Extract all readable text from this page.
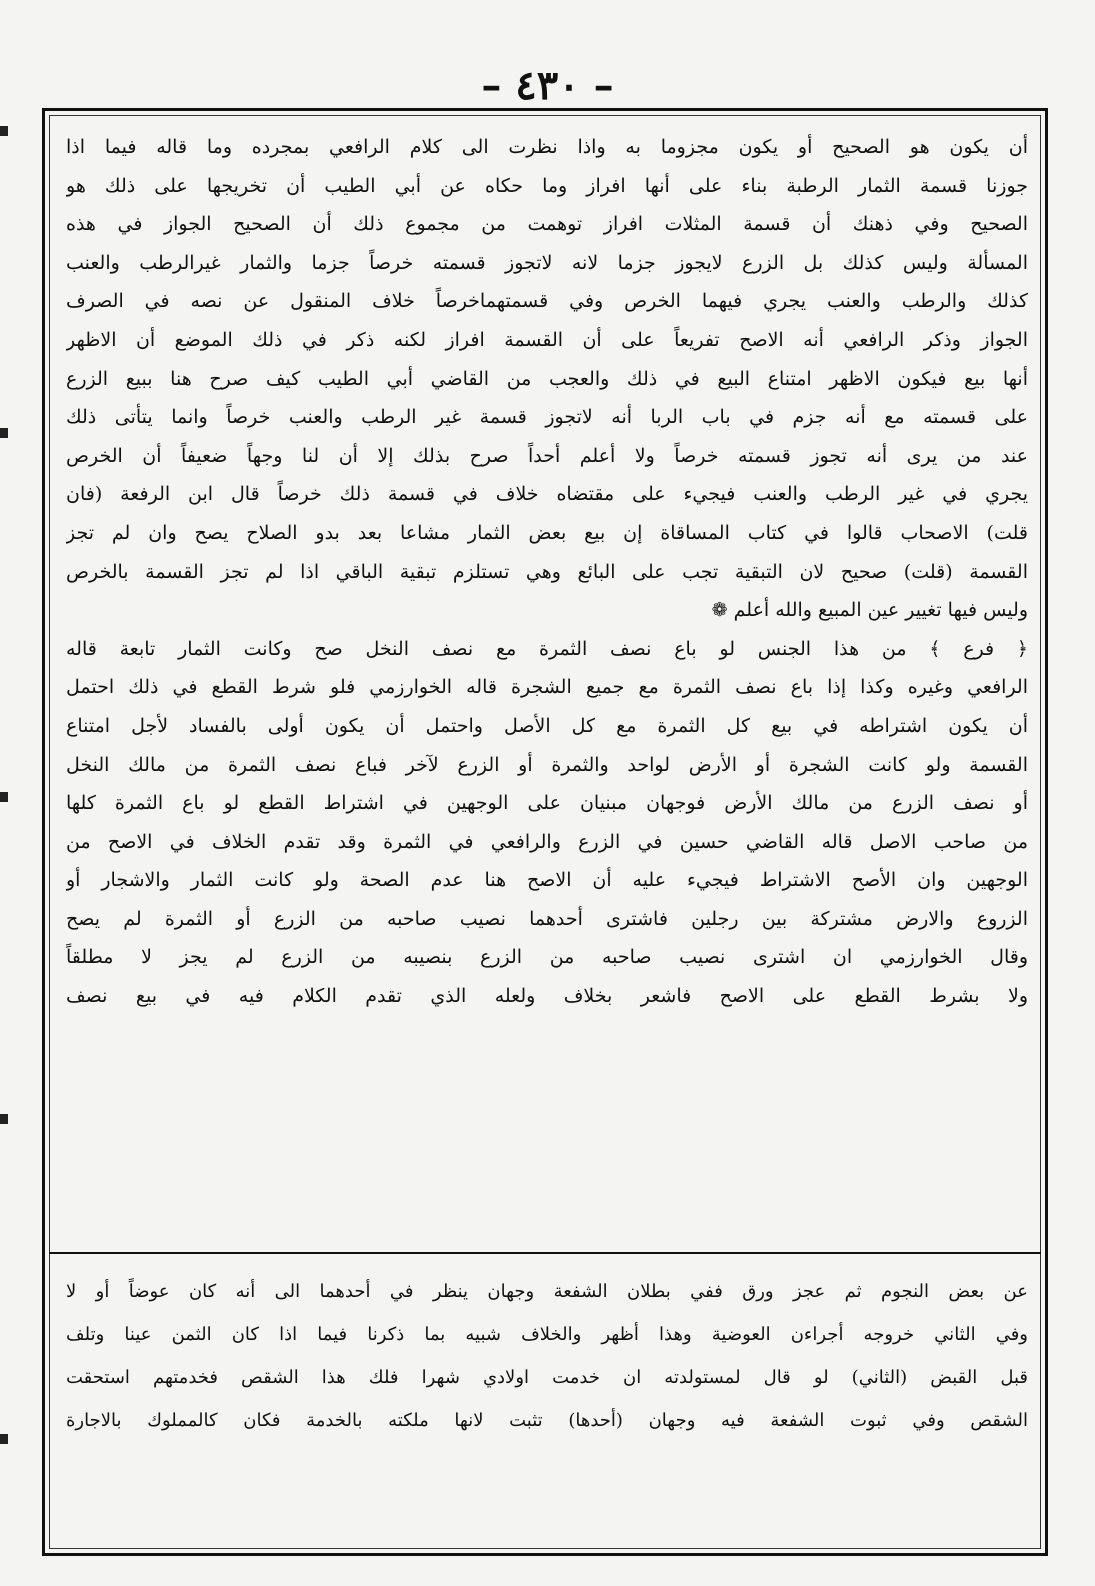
– ٤٣٠ –
أن يكون هو الصحيح أو يكون مجزوما به واذا نظرت الى كلام الرافعي بمجرده وما قاله فيما اذا
جوزنا قسمة الثمار الرطبة بناء على أنها افراز وما حكاه عن أبي الطيب أن تخريجها على ذلك هو
الصحيح وفي ذهنك أن قسمة المثلات افراز توهمت من مجموع ذلك أن الصحيح الجواز في هذه
المسألة وليس كذلك بل الزرع لايجوز جزما لانه لاتجوز قسمته خرصاً جزما والثمار غيرالرطب والعنب
كذلك والرطب والعنب يجري فيهما الخرص وفي قسمتهماخرصاً خلاف المنقول عن نصه في الصرف
الجواز وذكر الرافعي أنه الاصح تفريعاً على أن القسمة افراز لكنه ذكر في ذلك الموضع أن الاظهر
أنها بيع فيكون الاظهر امتناع البيع في ذلك والعجب من القاضي أبي الطيب كيف صرح هنا ببيع الزرع
على قسمته مع أنه جزم في باب الربا أنه لاتجوز قسمة غير الرطب والعنب خرصاً وانما يتأتى ذلك
عند من يرى أنه تجوز قسمته خرصاً ولا أعلم أحداً صرح بذلك إلا أن لنا وجهاً ضعيفاً أن الخرص
يجري في غير الرطب والعنب فيجيء على مقتضاه خلاف في قسمة ذلك خرصاً قال ابن الرفعة (فان
قلت) الاصحاب قالوا في كتاب المساقاة إن بيع بعض الثمار مشاعا بعد بدو الصلاح يصح وان لم تجز
القسمة (قلت) صحيح لان التبقية تجب على البائع وهي تستلزم تبقية الباقي اذا لم تجز القسمة بالخرص
وليس فيها تغيير عين المبيع والله أعلم ❁
﴿ فرع ﴾ من هذا الجنس لو باع نصف الثمرة مع نصف النخل صح وكانت الثمار تابعة قاله
الرافعي وغيره وكذا إذا باع نصف الثمرة مع جميع الشجرة قاله الخوارزمي فلو شرط القطع في ذلك احتمل
أن يكون اشتراطه في بيع كل الثمرة مع كل الأصل واحتمل أن يكون أولى بالفساد لأجل امتناع
القسمة ولو كانت الشجرة أو الأرض لواحد والثمرة أو الزرع لآخر فباع نصف الثمرة من مالك النخل
أو نصف الزرع من مالك الأرض فوجهان مبنيان على الوجهين في اشتراط القطع لو باع الثمرة كلها
من صاحب الاصل قاله القاضي حسين في الزرع والرافعي في الثمرة وقد تقدم الخلاف في الاصح من
الوجهين وان الأصح الاشتراط فيجيء عليه أن الاصح هنا عدم الصحة ولو كانت الثمار والاشجار أو
الزروع والارض مشتركة بين رجلين فاشترى أحدهما نصيب صاحبه من الزرع أو الثمرة لم يصح
وقال الخوارزمي ان اشترى نصيب صاحبه من الزرع بنصيبه من الزرع لم يجز لا مطلقاً
ولا بشرط القطع على الاصح فاشعر بخلاف ولعله الذي تقدم الكلام فيه في بيع نصف
عن بعض النجوم ثم عجز ورق ففي بطلان الشفعة وجهان ينظر في أحدهما الى أنه كان عوضاً أو لا
وفي الثاني خروجه أجراءن العوضية وهذا أظهر والخلاف شبيه بما ذكرنا فيما اذا كان الثمن عينا وتلف
قبل القبض (الثاني) لو قال لمستولدته ان خدمت اولادي شهرا فلك هذا الشقص فخدمتهم استحقت
الشقص وفي ثبوت الشفعة فيه وجهان (أحدها) تثبت لانها ملكته بالخدمة فكان كالمملوك بالاجارة
